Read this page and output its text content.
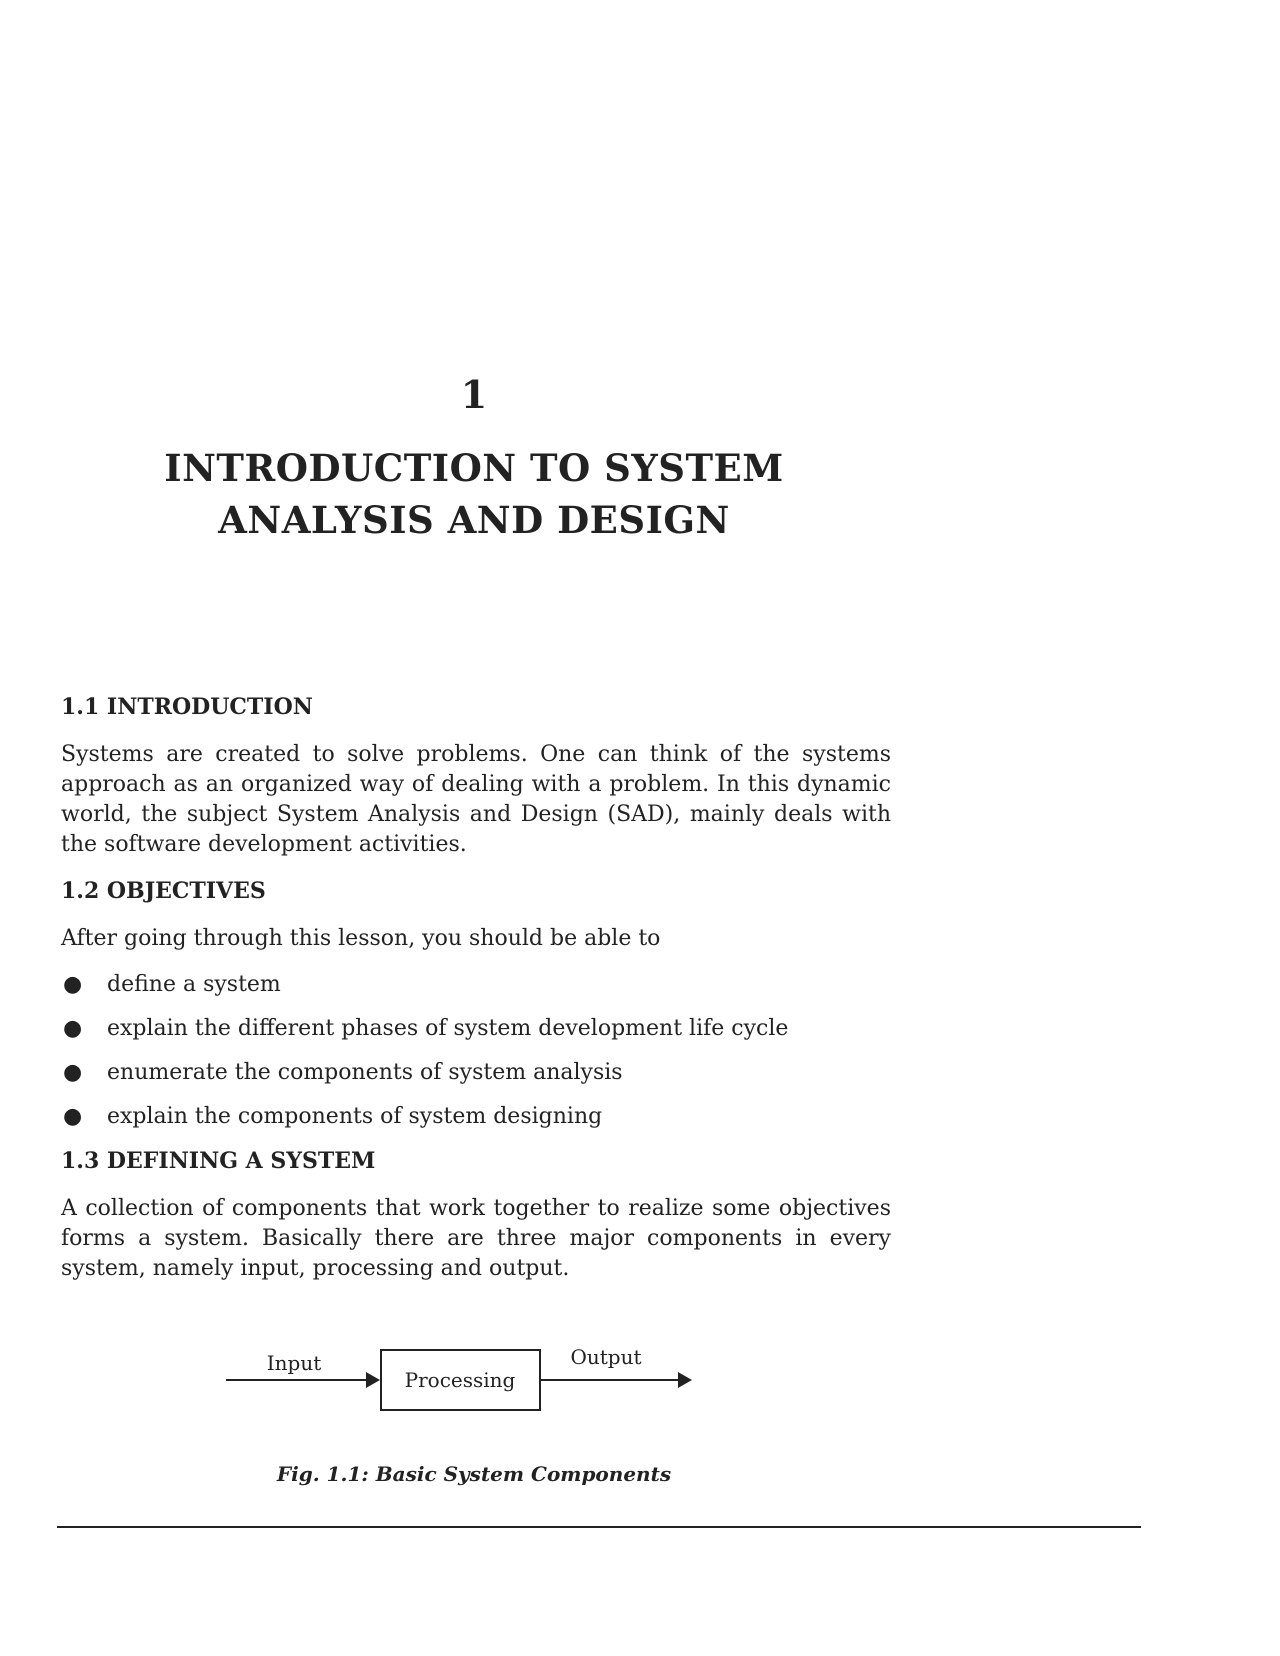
1
INTRODUCTION TO SYSTEM
ANALYSIS AND DESIGN
1.1 INTRODUCTION

Systems are created to solve problems. One can think of the systems approach as an organized way of dealing with a problem. In this dynamic world, the subject System Analysis and Design (SAD), mainly deals with the software development activities.

1.2 OBJECTIVES

After going through this lesson, you should be able to

● define a system
● explain the different phases of system development life cycle
● enumerate the components of system analysis
● explain the components of system designing
1.3 DEFINING A SYSTEM

A collection of components that work together to realize some objectives forms a system. Basically there are three major components in every system, namely input, processing and output.

Input
Processing
Output
Fig. 1.1: Basic System Components
